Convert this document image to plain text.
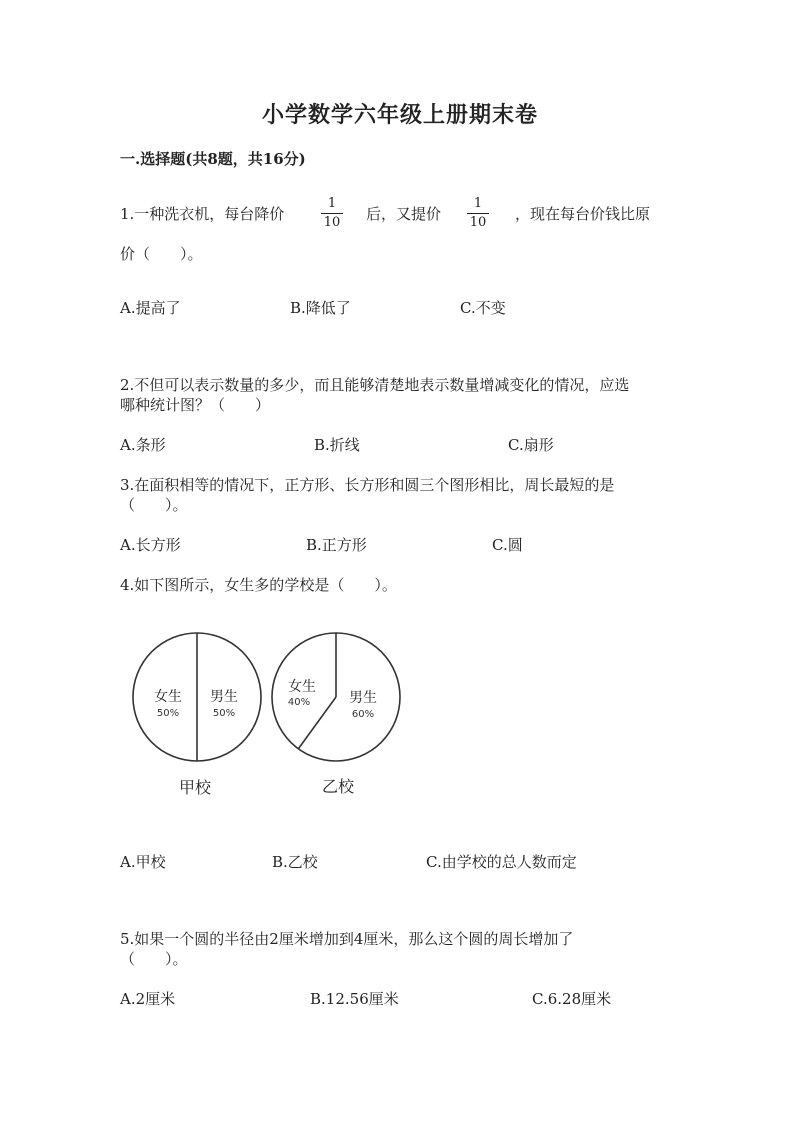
小学数学六年级上册期末卷
一.选择题(共8题，共16分)
1.一种洗衣机，每台降价
1
10 后，又提价
1
10 ，现在每台价钱比原
价（　　）。
A.提高了	B.降低了	C.不变
2.不但可以表示数量的多少，而且能够清楚地表示数量增减变化的情况，应选
哪种统计图？（　　）
A.条形	B.折线	C.扇形
3.在面积相等的情况下，正方形、长方形和圆三个图形相比，周长最短的是
（　　）。
A.长方形	B.正方形	C.圆
4.如下图所示，女生多的学校是（　　）。
女生
50%
男生
50%
甲校
女生
40%	男生
60%
乙校
A.甲校	B.乙校	C.由学校的总人数而定
5.如果一个圆的半径由2厘米增加到4厘米，那么这个圆的周长增加了
（　　）。
A.2厘米	B.12.56厘米	C.6.28厘米
